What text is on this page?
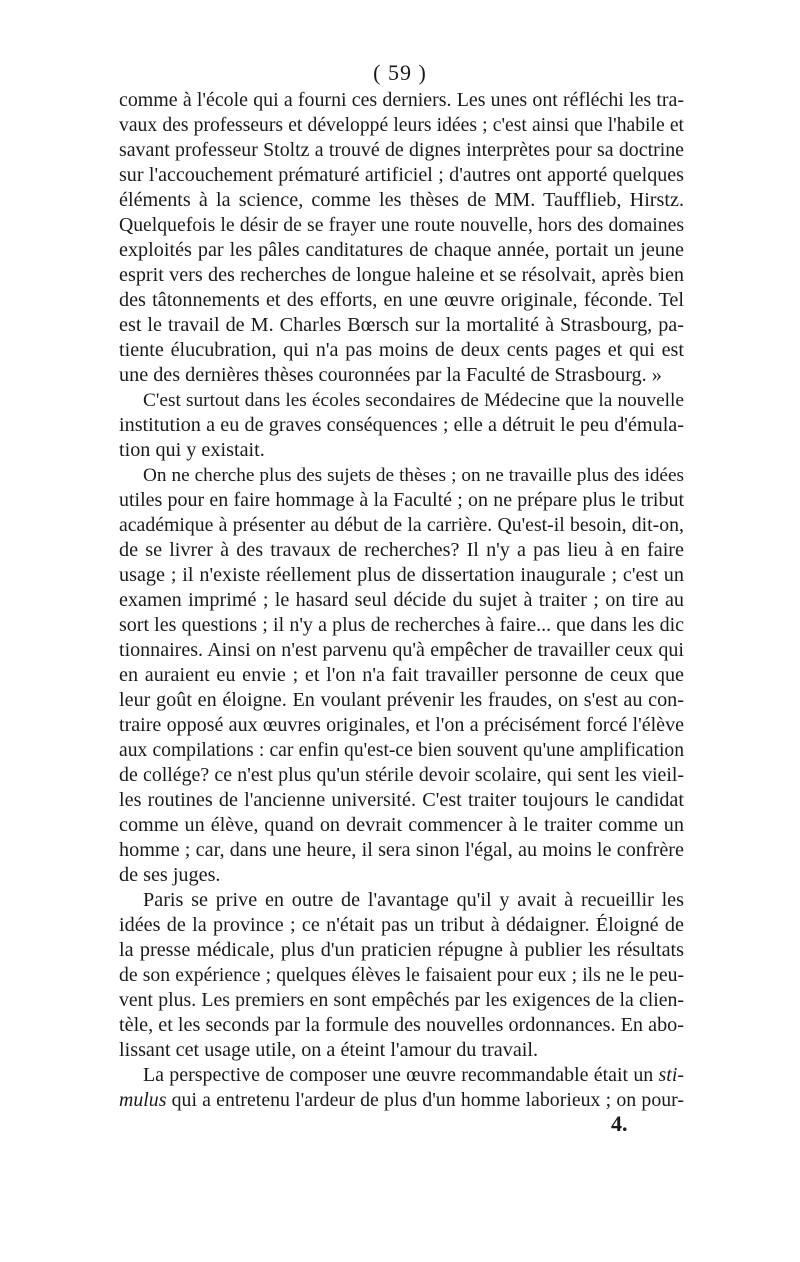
( 59 )
comme à l'école qui a fourni ces derniers. Les unes ont réfléchi les tra-
vaux des professeurs et développé leurs idées ; c'est ainsi que l'habile et
savant professeur Stoltz a trouvé de dignes interprètes pour sa doctrine
sur l'accouchement prématuré artificiel ; d'autres ont apporté quelques
éléments à la science, comme les thèses de MM. Taufflieb, Hirstz.
Quelquefois le désir de se frayer une route nouvelle, hors des domaines
exploités par les pâles canditatures de chaque année, portait un jeune
esprit vers des recherches de longue haleine et se résolvait, après bien
des tâtonnements et des efforts, en une œuvre originale, féconde. Tel
est le travail de M. Charles Bœrsch sur la mortalité à Strasbourg, pa-
tiente élucubration, qui n'a pas moins de deux cents pages et qui est
une des dernières thèses couronnées par la Faculté de Strasbourg. »
C'est surtout dans les écoles secondaires de Médecine que la nouvelle
institution a eu de graves conséquences ; elle a détruit le peu d'émula-
tion qui y existait.
On ne cherche plus des sujets de thèses ; on ne travaille plus des idées
utiles pour en faire hommage à la Faculté ; on ne prépare plus le tribut
académique à présenter au début de la carrière. Qu'est-il besoin, dit-on,
de se livrer à des travaux de recherches? Il n'y a pas lieu à en faire
usage ; il n'existe réellement plus de dissertation inaugurale ; c'est un
examen imprimé ; le hasard seul décide du sujet à traiter ; on tire au
sort les questions ; il n'y a plus de recherches à faire... que dans les dic
tionnaires. Ainsi on n'est parvenu qu'à empêcher de travailler ceux qui
en auraient eu envie ; et l'on n'a fait travailler personne de ceux que
leur goût en éloigne. En voulant prévenir les fraudes, on s'est au con-
traire opposé aux œuvres originales, et l'on a précisément forcé l'élève
aux compilations : car enfin qu'est-ce bien souvent qu'une amplification
de collége? ce n'est plus qu'un stérile devoir scolaire, qui sent les vieil-
les routines de l'ancienne université. C'est traiter toujours le candidat
comme un élève, quand on devrait commencer à le traiter comme un
homme ; car, dans une heure, il sera sinon l'égal, au moins le confrère
de ses juges.
Paris se prive en outre de l'avantage qu'il y avait à recueillir les
idées de la province ; ce n'était pas un tribut à dédaigner. Éloigné de
la presse médicale, plus d'un praticien répugne à publier les résultats
de son expérience ; quelques élèves le faisaient pour eux ; ils ne le peu-
vent plus. Les premiers en sont empêchés par les exigences de la clien-
tèle, et les seconds par la formule des nouvelles ordonnances. En abo-
lissant cet usage utile, on a éteint l'amour du travail.
La perspective de composer une œuvre recommandable était un sti-
mulus qui a entretenu l'ardeur de plus d'un homme laborieux ; on pour-
4.
